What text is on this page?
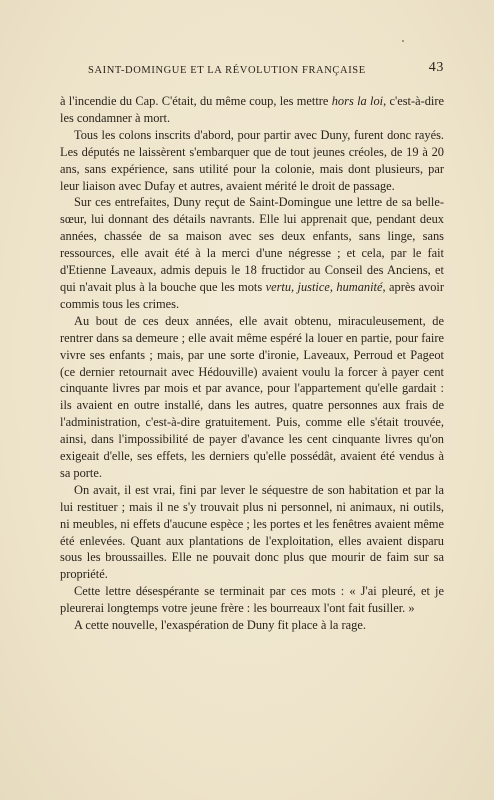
SAINT-DOMINGUE ET LA RÉVOLUTION FRANÇAISE	43

à l'incendie du Cap. C'était, du même coup, les mettre hors la loi, c'est-à-dire les condamner à mort.

Tous les colons inscrits d'abord, pour partir avec Duny, furent donc rayés. Les députés ne laissèrent s'embarquer que de tout jeunes créoles, de 19 à 20 ans, sans expérience, sans utilité pour la colonie, mais dont plusieurs, par leur liaison avec Dufay et autres, avaient mérité le droit de passage.

Sur ces entrefaites, Duny reçut de Saint-Domingue une lettre de sa belle-sœur, lui donnant des détails navrants. Elle lui apprenait que, pendant deux années, chassée de sa maison avec ses deux enfants, sans linge, sans ressources, elle avait été à la merci d'une négresse ; et cela, par le fait d'Etienne Laveaux, admis depuis le 18 fructidor au Conseil des Anciens, et qui n'avait plus à la bouche que les mots vertu, justice, humanité, après avoir commis tous les crimes.

Au bout de ces deux années, elle avait obtenu, miraculeusement, de rentrer dans sa demeure ; elle avait même espéré la louer en partie, pour faire vivre ses enfants ; mais, par une sorte d'ironie, Laveaux, Perroud et Pageot (ce dernier retournait avec Hédouville) avaient voulu la forcer à payer cent cinquante livres par mois et par avance, pour l'appartement qu'elle gardait : ils avaient en outre installé, dans les autres, quatre personnes aux frais de l'administration, c'est-à-dire gratuitement. Puis, comme elle s'était trouvée, ainsi, dans l'impossibilité de payer d'avance les cent cinquante livres qu'on exigeait d'elle, ses effets, les derniers qu'elle possédât, avaient été vendus à sa porte.

On avait, il est vrai, fini par lever le séquestre de son habitation et par la lui restituer ; mais il ne s'y trouvait plus ni personnel, ni animaux, ni outils, ni meubles, ni effets d'aucune espèce ; les portes et les fenêtres avaient même été enlevées. Quant aux plantations de l'exploitation, elles avaient disparu sous les broussailles. Elle ne pouvait donc plus que mourir de faim sur sa propriété.

Cette lettre désespérante se terminait par ces mots : « J'ai pleuré, et je pleurerai longtemps votre jeune frère : les bourreaux l'ont fait fusiller. »

A cette nouvelle, l'exaspération de Duny fit place à la rage.
